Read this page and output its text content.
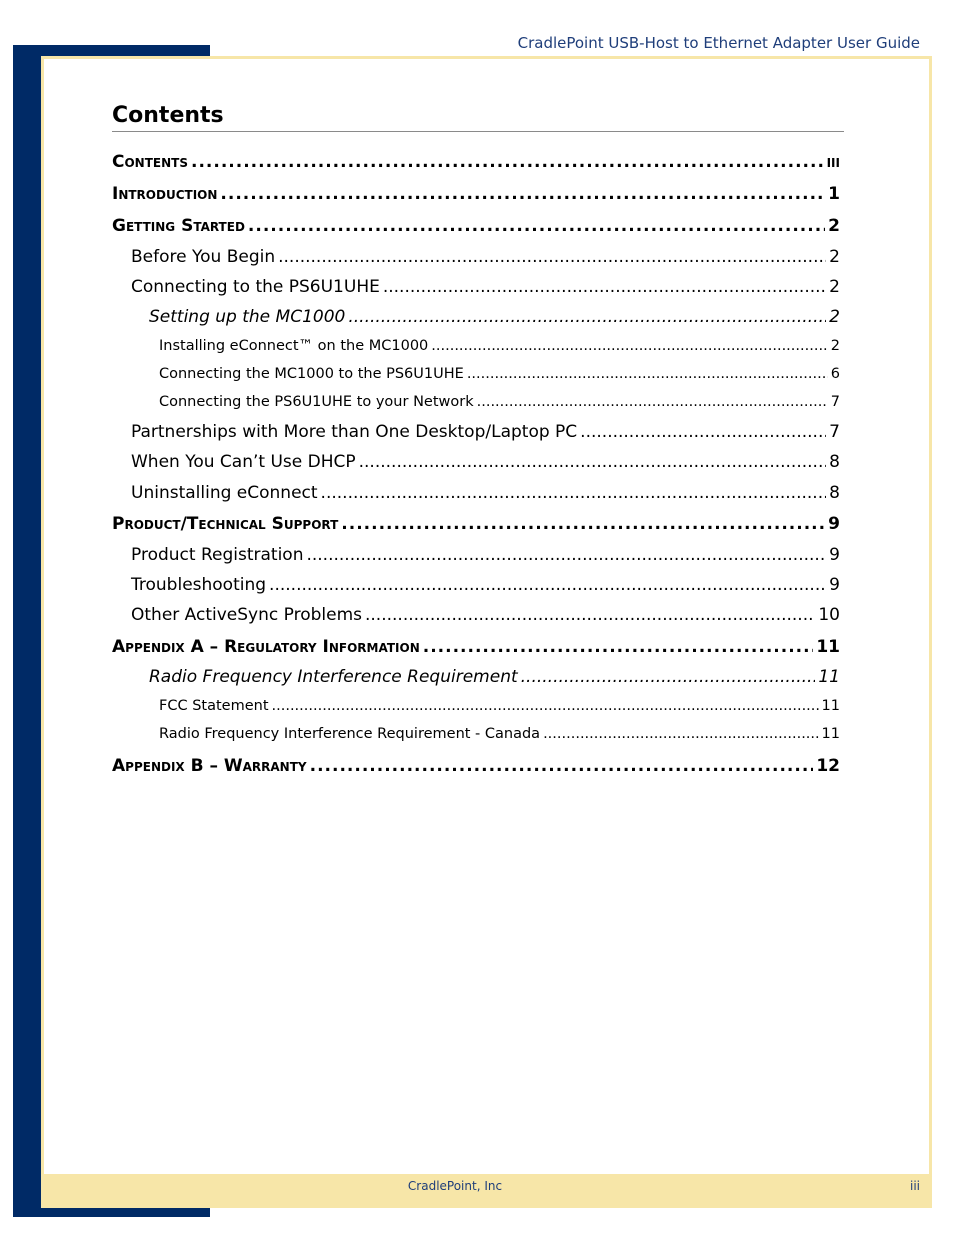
CradlePoint USB-Host to Ethernet Adapter User Guide
Contents
Contents .....	iii
Introduction .....	1
Getting Started .....	2
Before You Begin .....	2
Connecting to the PS6U1UHE .....	2
Setting up the MC1000 .....	2
Installing eConnect™ on the MC1000 .....	2
Connecting the MC1000 to the PS6U1UHE .....	6
Connecting the PS6U1UHE to your Network .....	7
Partnerships with More than One Desktop/Laptop PC .....	7
When You Can’t Use DHCP .....	8
Uninstalling eConnect .....	8
Product/Technical Support .....	9
Product Registration .....	9
Troubleshooting .....	9
Other ActiveSync Problems .....	10
Appendix A – Regulatory Information .....	11
Radio Frequency Interference Requirement .....	11
FCC Statement .....	11
Radio Frequency Interference Requirement - Canada .....	11
Appendix B – Warranty .....	12
CradlePoint, Inc	iii
